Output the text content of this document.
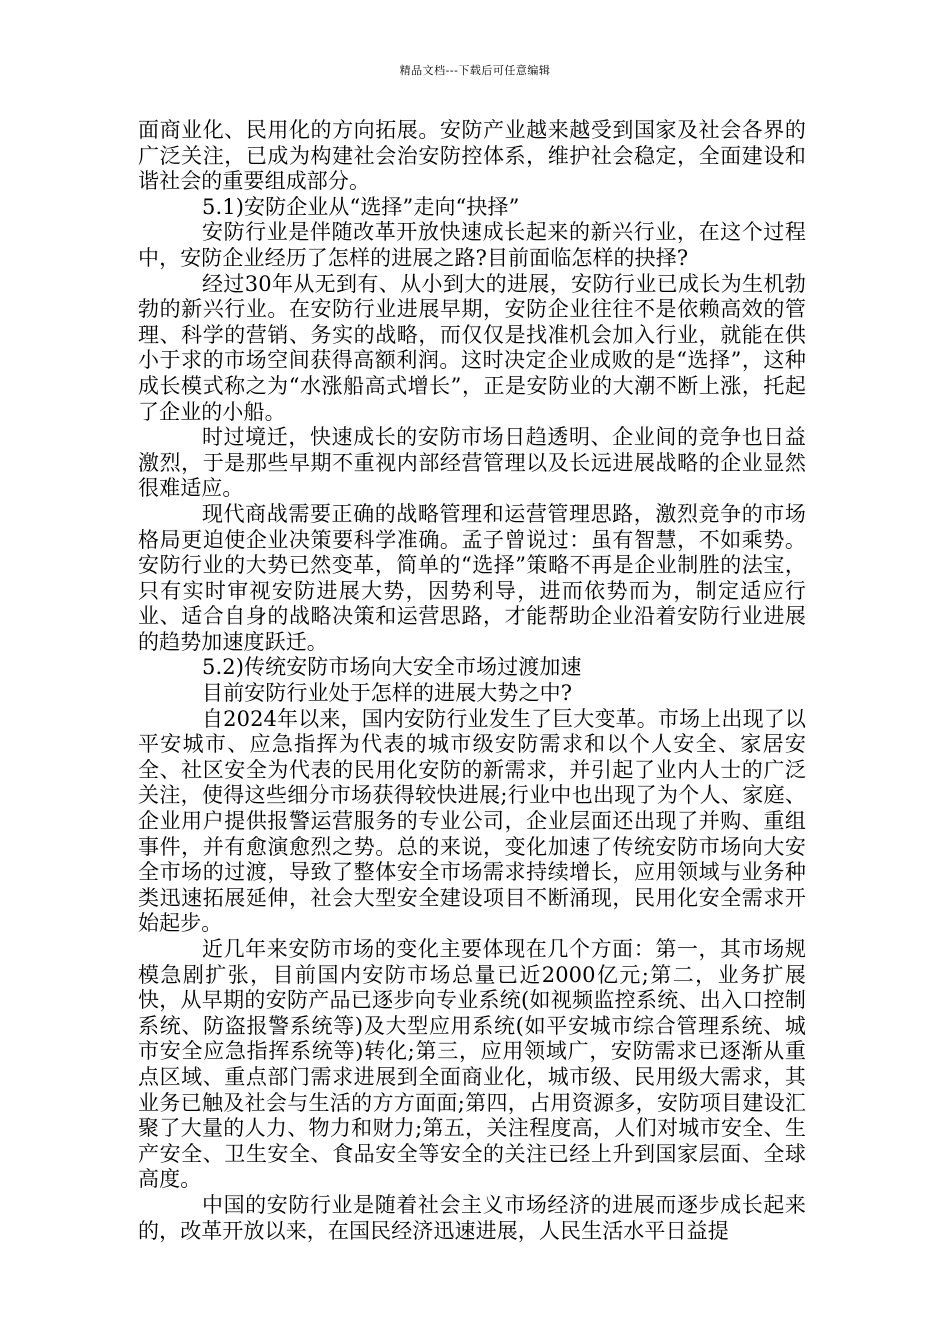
精品文档---下载后可任意编辑

面商业化、民用化的方向拓展。安防产业越来越受到国家及社会各界的广泛关注，已成为构建社会治安防控体系，维护社会稳定，全面建设和谐社会的重要组成部分。

5.1)安防企业从“选择”走向“抉择”

安防行业是伴随改革开放快速成长起来的新兴行业，在这个过程中，安防企业经历了怎样的进展之路?目前面临怎样的抉择?

经过30年从无到有、从小到大的进展，安防行业已成长为生机勃勃的新兴行业。在安防行业进展早期，安防企业往往不是依赖高效的管理、科学的营销、务实的战略，而仅仅是找准机会加入行业，就能在供小于求的市场空间获得高额利润。这时决定企业成败的是“选择”，这种成长模式称之为“水涨船高式增长”，正是安防业的大潮不断上涨，托起了企业的小船。

时过境迁，快速成长的安防市场日趋透明、企业间的竞争也日益激烈，于是那些早期不重视内部经营管理以及长远进展战略的企业显然很难适应。

现代商战需要正确的战略管理和运营管理思路，激烈竞争的市场格局更迫使企业决策要科学准确。孟子曾说过：虽有智慧，不如乘势。安防行业的大势已然变革，简单的“选择”策略不再是企业制胜的法宝，只有实时审视安防进展大势，因势利导，进而依势而为，制定适应行业、适合自身的战略决策和运营思路，才能帮助企业沿着安防行业进展的趋势加速度跃迁。

5.2)传统安防市场向大安全市场过渡加速

目前安防行业处于怎样的进展大势之中?

自2024年以来，国内安防行业发生了巨大变革。市场上出现了以平安城市、应急指挥为代表的城市级安防需求和以个人安全、家居安全、社区安全为代表的民用化安防的新需求，并引起了业内人士的广泛关注，使得这些细分市场获得较快进展;行业中也出现了为个人、家庭、企业用户提供报警运营服务的专业公司，企业层面还出现了并购、重组事件，并有愈演愈烈之势。总的来说，变化加速了传统安防市场向大安全市场的过渡，导致了整体安全市场需求持续增长，应用领域与业务种类迅速拓展延伸，社会大型安全建设项目不断涌现，民用化安全需求开始起步。

近几年来安防市场的变化主要体现在几个方面：第一，其市场规模急剧扩张，目前国内安防市场总量已近2000亿元;第二，业务扩展快，从早期的安防产品已逐步向专业系统(如视频监控系统、出入口控制系统、防盗报警系统等)及大型应用系统(如平安城市综合管理系统、城市安全应急指挥系统等)转化;第三，应用领域广，安防需求已逐渐从重点区域、重点部门需求进展到全面商业化，城市级、民用级大需求，其业务已触及社会与生活的方方面面;第四，占用资源多，安防项目建设汇聚了大量的人力、物力和财力;第五，关注程度高，人们对城市安全、生产安全、卫生安全、食品安全等安全的关注已经上升到国家层面、全球高度。

中国的安防行业是随着社会主义市场经济的进展而逐步成长起来的，改革开放以来，在国民经济迅速进展，人民生活水平日益提
